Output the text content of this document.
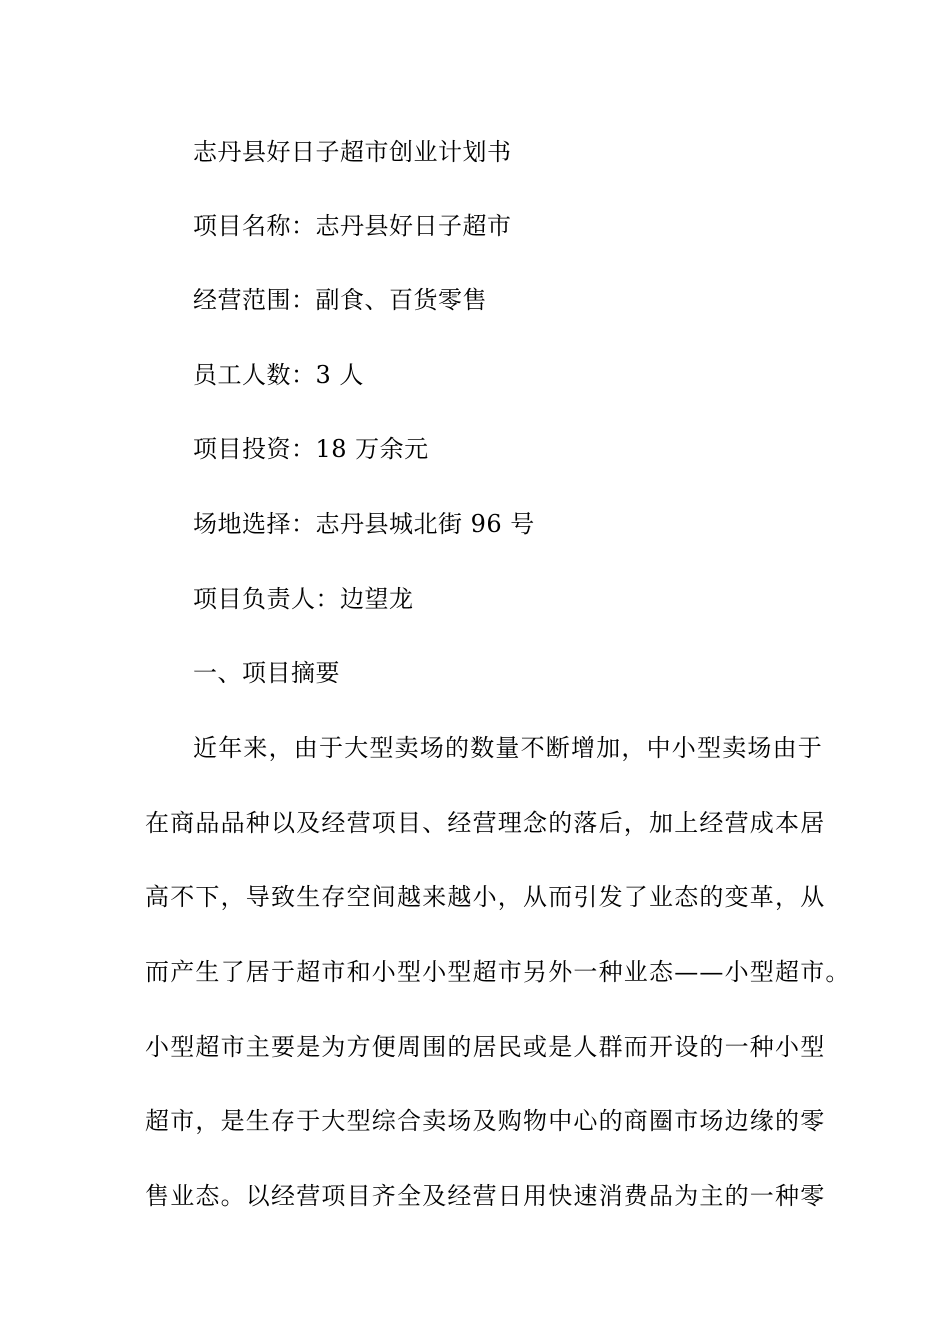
志丹县好日子超市创业计划书
项目名称：志丹县好日子超市
经营范围：副食、百货零售
员工人数：3 人
项目投资：18 万余元
场地选择：志丹县城北街 96 号
项目负责人：边望龙
一、项目摘要
近年来，由于大型卖场的数量不断增加，中小型卖场由于
在商品品种以及经营项目、经营理念的落后，加上经营成本居
高不下，导致生存空间越来越小，从而引发了业态的变革，从
而产生了居于超市和小型小型超市另外一种业态——小型超市。
小型超市主要是为方便周围的居民或是人群而开设的一种小型
超市，是生存于大型综合卖场及购物中心的商圈市场边缘的零
售业态。以经营项目齐全及经营日用快速消费品为主的一种零
